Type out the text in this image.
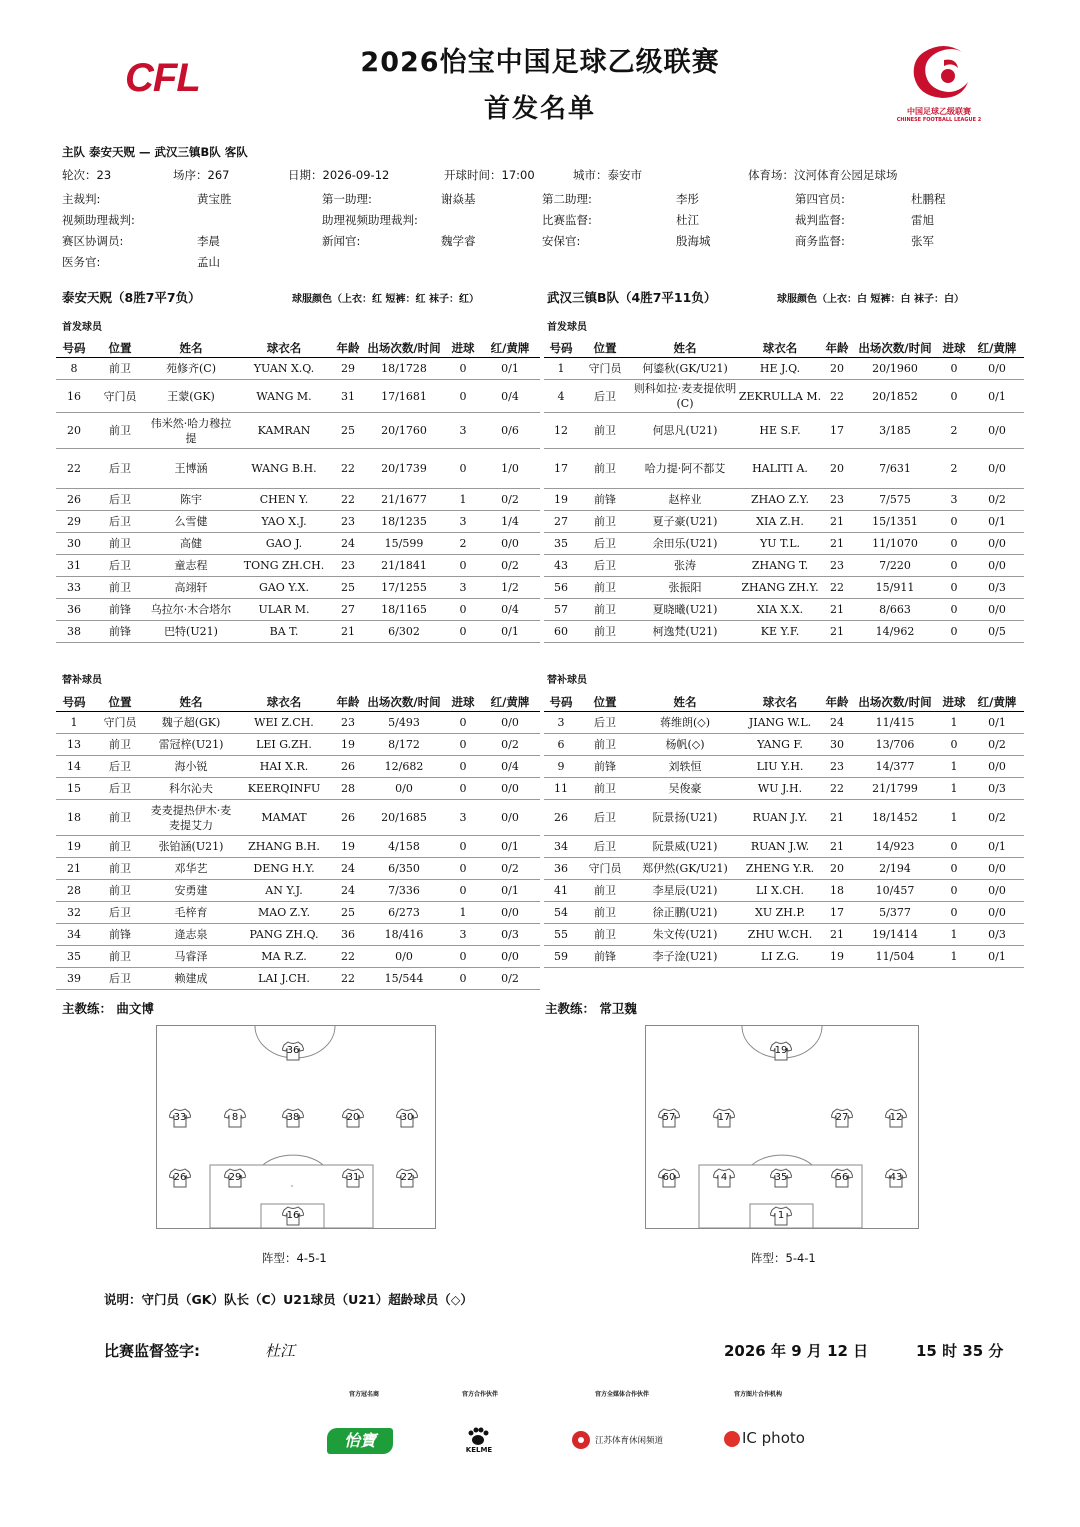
CFL	2026怡宝中国足球乙级联赛
首发名单	中国足球乙级联赛
CHINESE FOOTBALL LEAGUE 2
主队 泰安天贶 — 武汉三镇B队 客队
轮次：23	场序：267	日期：2026-09-12	开球时间：17:00	城市：泰安市	体育场：汶河体育公园足球场
主裁判:	黄宝胜	第一助理:	谢焱基	第二助理:	李彤	第四官员:	杜鹏程
视频助理裁判:	助理视频助理裁判:	比赛监督:	杜江	裁判监督:	雷旭
赛区协调员:	李晨	新闻官:	魏学睿	安保官:	殷海城	商务监督:	张军
医务官:	孟山
泰安天贶（8胜7平7负）	球服颜色（上衣：红 短裤：红 袜子：红）	武汉三镇B队（4胜7平11负）	球服颜色（上衣：白 短裤：白 袜子：白）
首发球员	首发球员
替补球员	替补球员
号码	位置	姓名	球衣名	年龄	出场次数/时间	进球	红/黄牌
8	前卫	苑修齐(C)	YUAN X.Q.	29	18/1728	0	0/1
16	守门员	王蒙(GK)	WANG M.	31	17/1681	0	0/4
20	前卫	伟米然·哈力穆拉提	KAMRAN	25	20/1760	3	0/6
22	后卫	王博涵	WANG B.H.	22	20/1739	0	1/0
26	后卫	陈宇	CHEN Y.	22	21/1677	1	0/2
29	后卫	么雪健	YAO X.J.	23	18/1235	3	1/4
30	前卫	高健	GAO J.	24	15/599	2	0/0
31	后卫	童志程	TONG ZH.CH.	23	21/1841	0	0/2
33	前卫	高翊轩	GAO Y.X.	25	17/1255	3	1/2
36	前锋	乌拉尔·木合塔尔	ULAR M.	27	18/1165	0	0/4
38	前锋	巴特(U21)	BA T.	21	6/302	0	0/1
号码	位置	姓名	球衣名	年龄	出场次数/时间	进球	红/黄牌
1	守门员	何鎏秋(GK/U21)	HE J.Q.	20	20/1960	0	0/0
4	后卫	则科如拉·麦麦提依明(C)	ZEKRULLA M.	22	20/1852	0	0/1
12	前卫	何思凡(U21)	HE S.F.	17	3/185	2	0/0
17	前卫	哈力提·阿不都艾	HALITI A.	20	7/631	2	0/0
19	前锋	赵梓业	ZHAO Z.Y.	23	7/575	3	0/2
27	前卫	夏子豪(U21)	XIA Z.H.	21	15/1351	0	0/1
35	后卫	余田乐(U21)	YU T.L.	21	11/1070	0	0/0
43	后卫	张涛	ZHANG T.	23	7/220	0	0/0
56	前卫	张振阳	ZHANG ZH.Y.	22	15/911	0	0/3
57	前卫	夏晓曦(U21)	XIA X.X.	21	8/663	0	0/0
60	前卫	柯逸梵(U21)	KE Y.F.	21	14/962	0	0/5
号码	位置	姓名	球衣名	年龄	出场次数/时间	进球	红/黄牌
1	守门员	魏子超(GK)	WEI Z.CH.	23	5/493	0	0/0
13	前卫	雷冠梓(U21)	LEI G.ZH.	19	8/172	0	0/2
14	后卫	海小锐	HAI X.R.	26	12/682	0	0/4
15	后卫	科尔沁夫	KEERQINFU	28	0/0	0	0/0
18	前卫	麦麦提热伊木·麦麦提艾力	MAMAT	26	20/1685	3	0/0
19	前卫	张铂涵(U21)	ZHANG B.H.	19	4/158	0	0/1
21	前卫	邓华艺	DENG H.Y.	24	6/350	0	0/2
28	前卫	安勇建	AN Y.J.	24	7/336	0	0/1
32	后卫	毛梓育	MAO Z.Y.	25	6/273	1	0/0
34	前锋	逄志泉	PANG ZH.Q.	36	18/416	3	0/3
35	前卫	马睿泽	MA R.Z.	22	0/0	0	0/0
39	后卫	赖建成	LAI J.CH.	22	15/544	0	0/2
号码	位置	姓名	球衣名	年龄	出场次数/时间	进球	红/黄牌
3	后卫	蒋维朗(◇)	JIANG W.L.	24	11/415	1	0/1
6	前卫	杨帆(◇)	YANG F.	30	13/706	0	0/2
9	前锋	刘轶恒	LIU Y.H.	23	14/377	1	0/0
11	前卫	吴俊豪	WU J.H.	22	21/1799	1	0/3
26	后卫	阮景扬(U21)	RUAN J.Y.	21	18/1452	1	0/2
34	后卫	阮景威(U21)	RUAN J.W.	21	14/923	0	0/1
36	守门员	郑伊然(GK/U21)	ZHENG Y.R.	20	2/194	0	0/0
41	前卫	李星辰(U21)	LI X.CH.	18	10/457	0	0/0
54	前卫	徐正鹏(U21)	XU ZH.P.	17	5/377	0	0/0
55	前卫	朱文传(U21)	ZHU W.CH.	21	19/1414	1	0/3
59	前锋	李子淦(U21)	LI Z.G.	19	11/504	1	0/1
主教练： 曲文博	主教练： 常卫魏
36
33	8	38	20	30
26	29	31	22
16
19
57	17	27	12
60	4	35	56	43
1
阵型：4-5-1	阵型：5-4-1
说明：守门员（GK）队长（C）U21球员（U21）超龄球员（◇）
比赛监督签字:	杜江	2026 年 9 月 12 日	15 时 35 分
官方冠名商	官方合作伙伴	官方全媒体合作伙伴	官方图片合作机构
怡寶	KELME
江苏体育休闲频道	IC photo
